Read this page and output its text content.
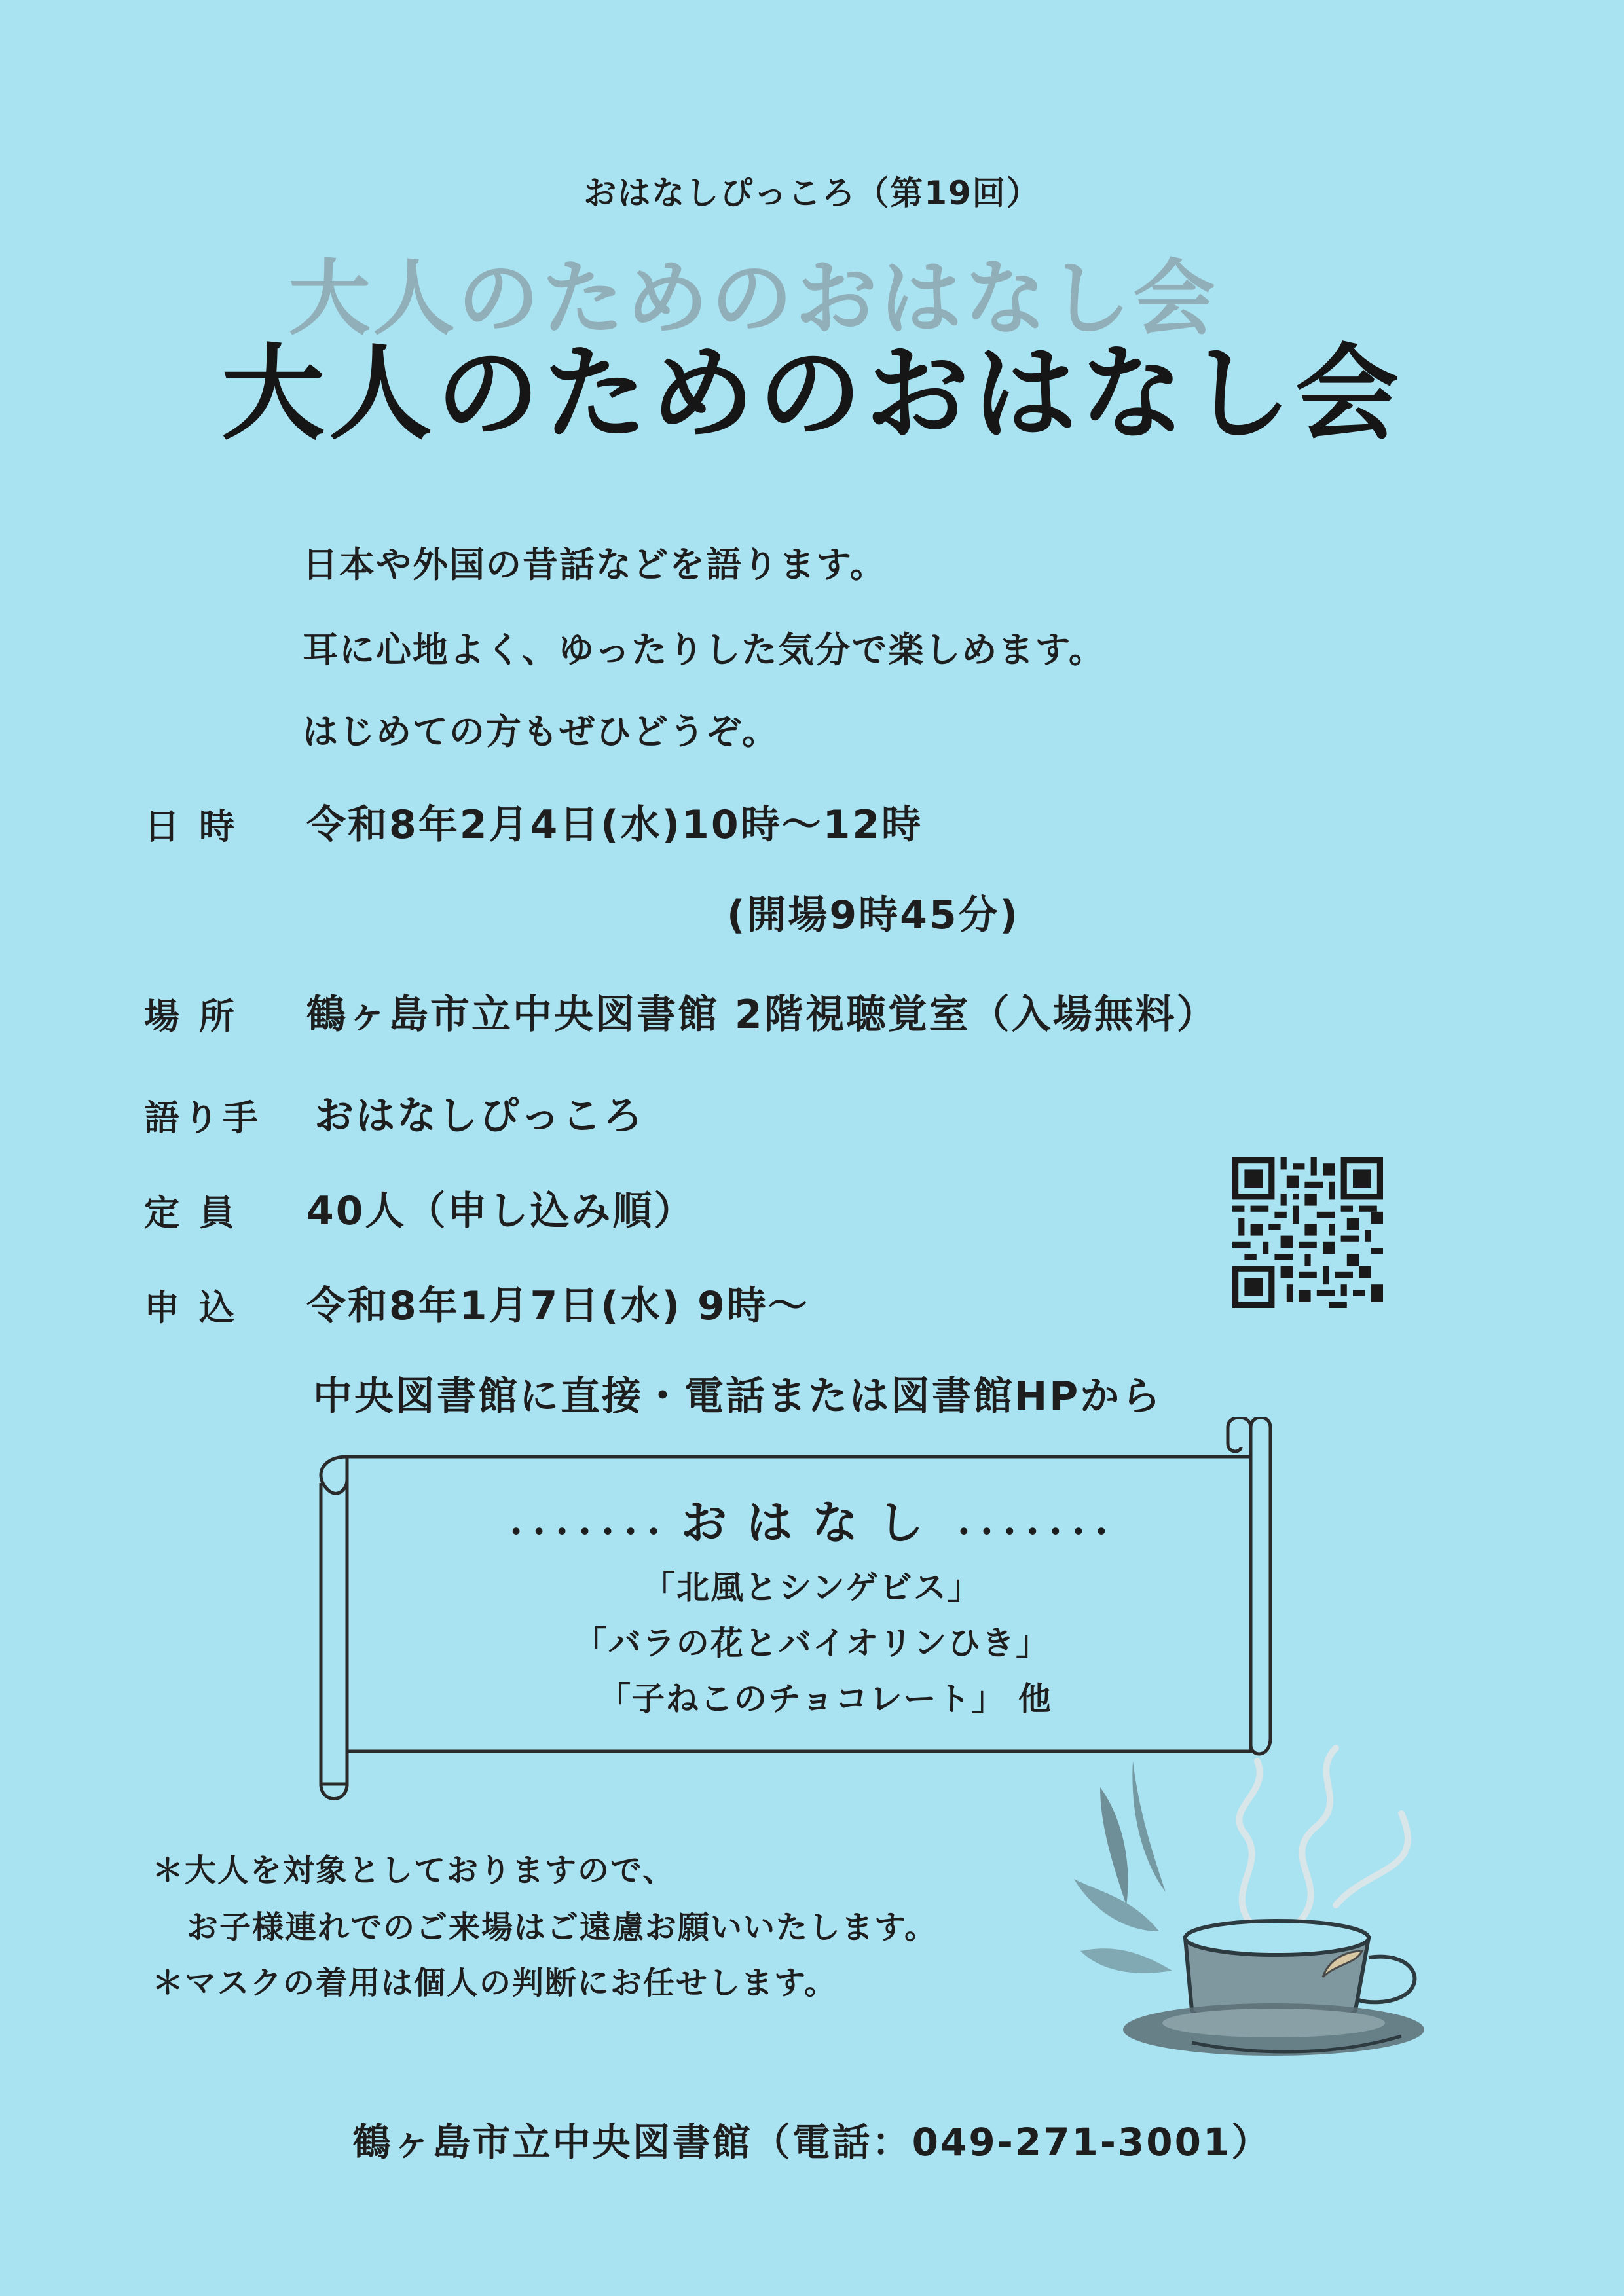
おはなしぴっころ（第19回）
大人のためのおはなし会
大人のためのおはなし会
日本や外国の昔話などを語ります。
耳に心地よく、ゆったりした気分で楽しめます。
はじめての方もぜひどうぞ。
日時 令和8年2月4日(水)10時～12時
(開場9時45分)
場所 鶴ヶ島市立中央図書館 2階視聴覚室（入場無料）
語り手 おはなしぴっころ
定員 40人（申し込み順）
申込 令和8年1月7日(水) 9時～
中央図書館に直接・電話または図書館HPから
･･･････ おはなし ･･･････
「北風とシンゲビス」
「バラの花とバイオリンひき」
「子ねこのチョコレート」 他
＊大人を対象としておりますので、
お子様連れでのご来場はご遠慮お願いいたします。
＊マスクの着用は個人の判断にお任せします。
鶴ヶ島市立中央図書館（電話：049-271-3001）
